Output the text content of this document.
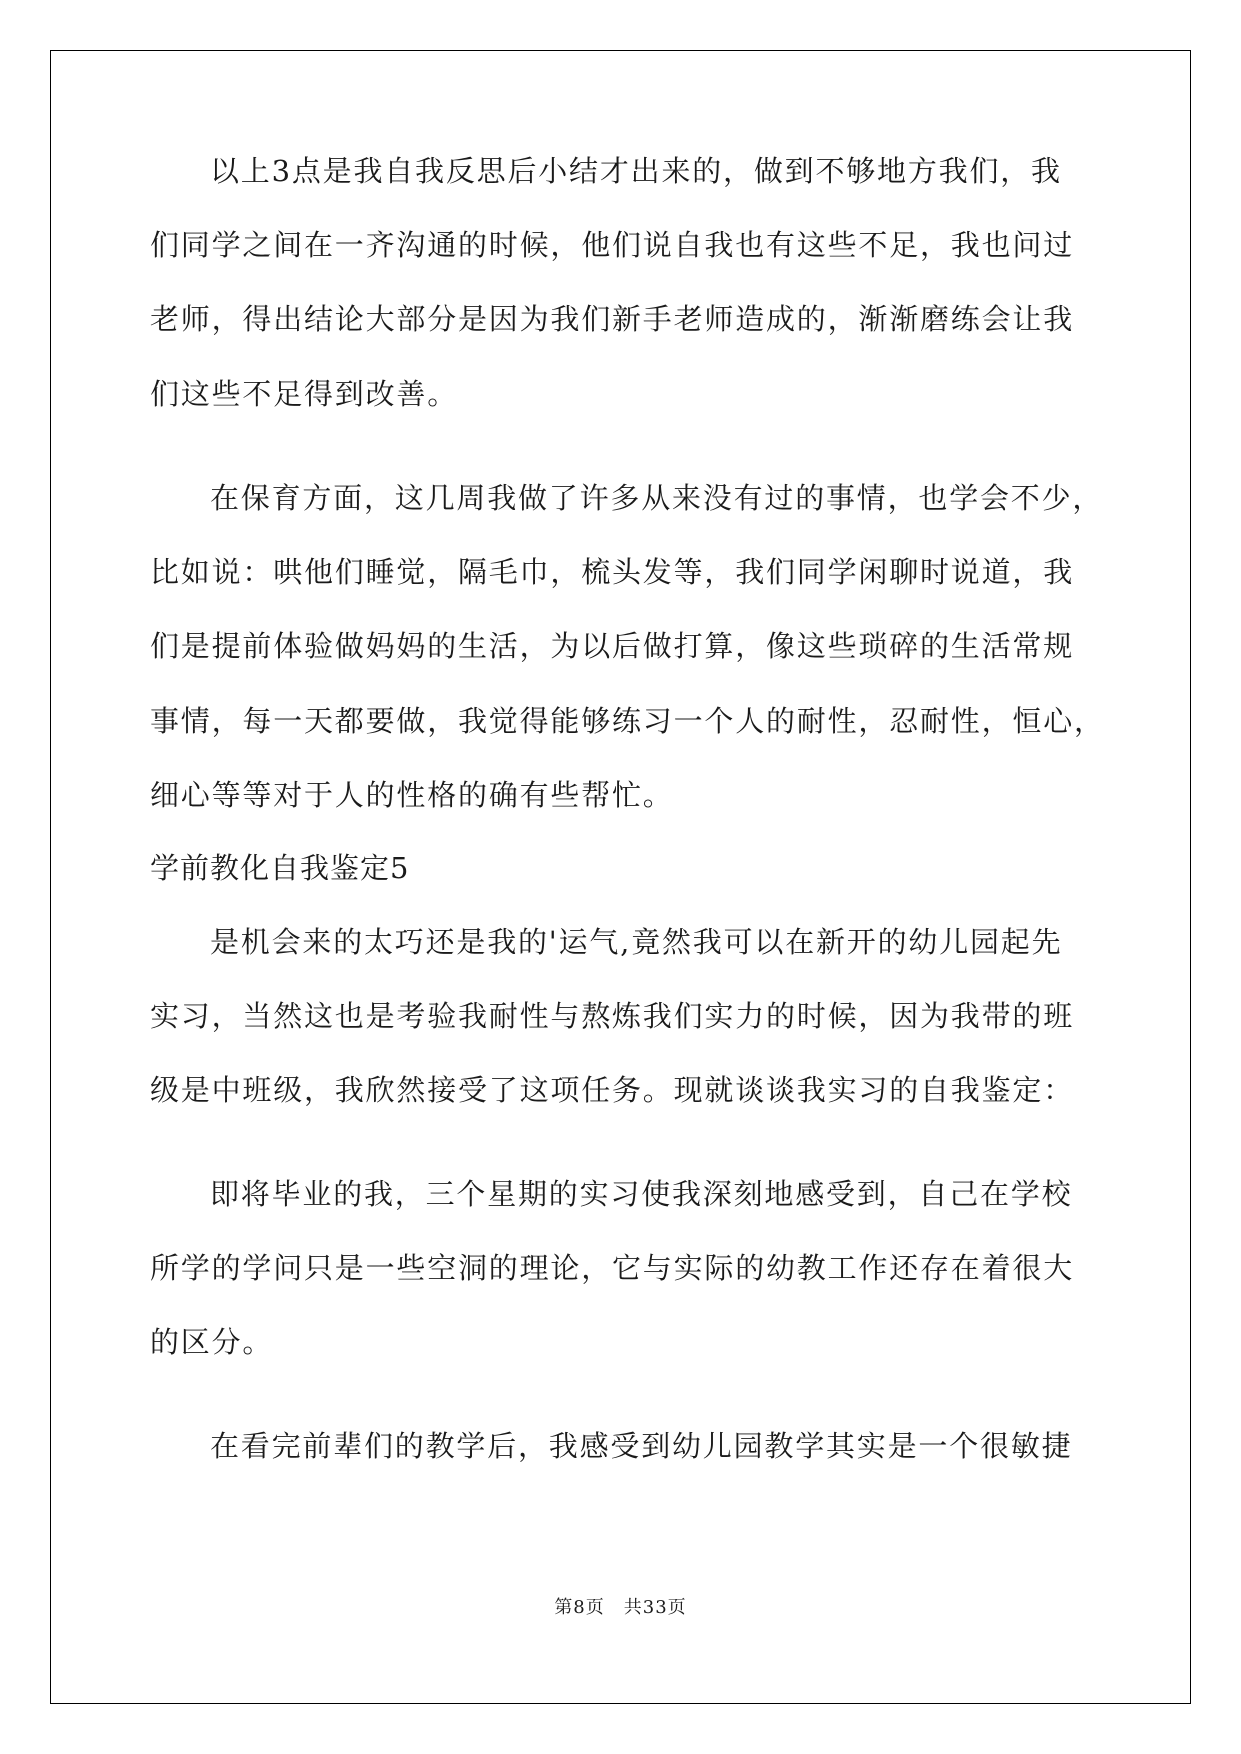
以上3点是我自我反思后小结才出来的，做到不够地方我们，我
们同学之间在一齐沟通的时候，他们说自我也有这些不足，我也问过
老师，得出结论大部分是因为我们新手老师造成的，渐渐磨练会让我
们这些不足得到改善。
在保育方面，这几周我做了许多从来没有过的事情，也学会不少，
比如说：哄他们睡觉，隔毛巾，梳头发等，我们同学闲聊时说道，我
们是提前体验做妈妈的生活，为以后做打算，像这些琐碎的生活常规
事情，每一天都要做，我觉得能够练习一个人的耐性，忍耐性，恒心，
细心等等对于人的性格的确有些帮忙。
学前教化自我鉴定5
是机会来的太巧还是我的'运气,竟然我可以在新开的幼儿园起先
实习，当然这也是考验我耐性与熬炼我们实力的时候，因为我带的班
级是中班级，我欣然接受了这项任务。现就谈谈我实习的自我鉴定：
即将毕业的我，三个星期的实习使我深刻地感受到，自己在学校
所学的学问只是一些空洞的理论，它与实际的幼教工作还存在着很大
的区分。
在看完前辈们的教学后，我感受到幼儿园教学其实是一个很敏捷
第8页　共33页
